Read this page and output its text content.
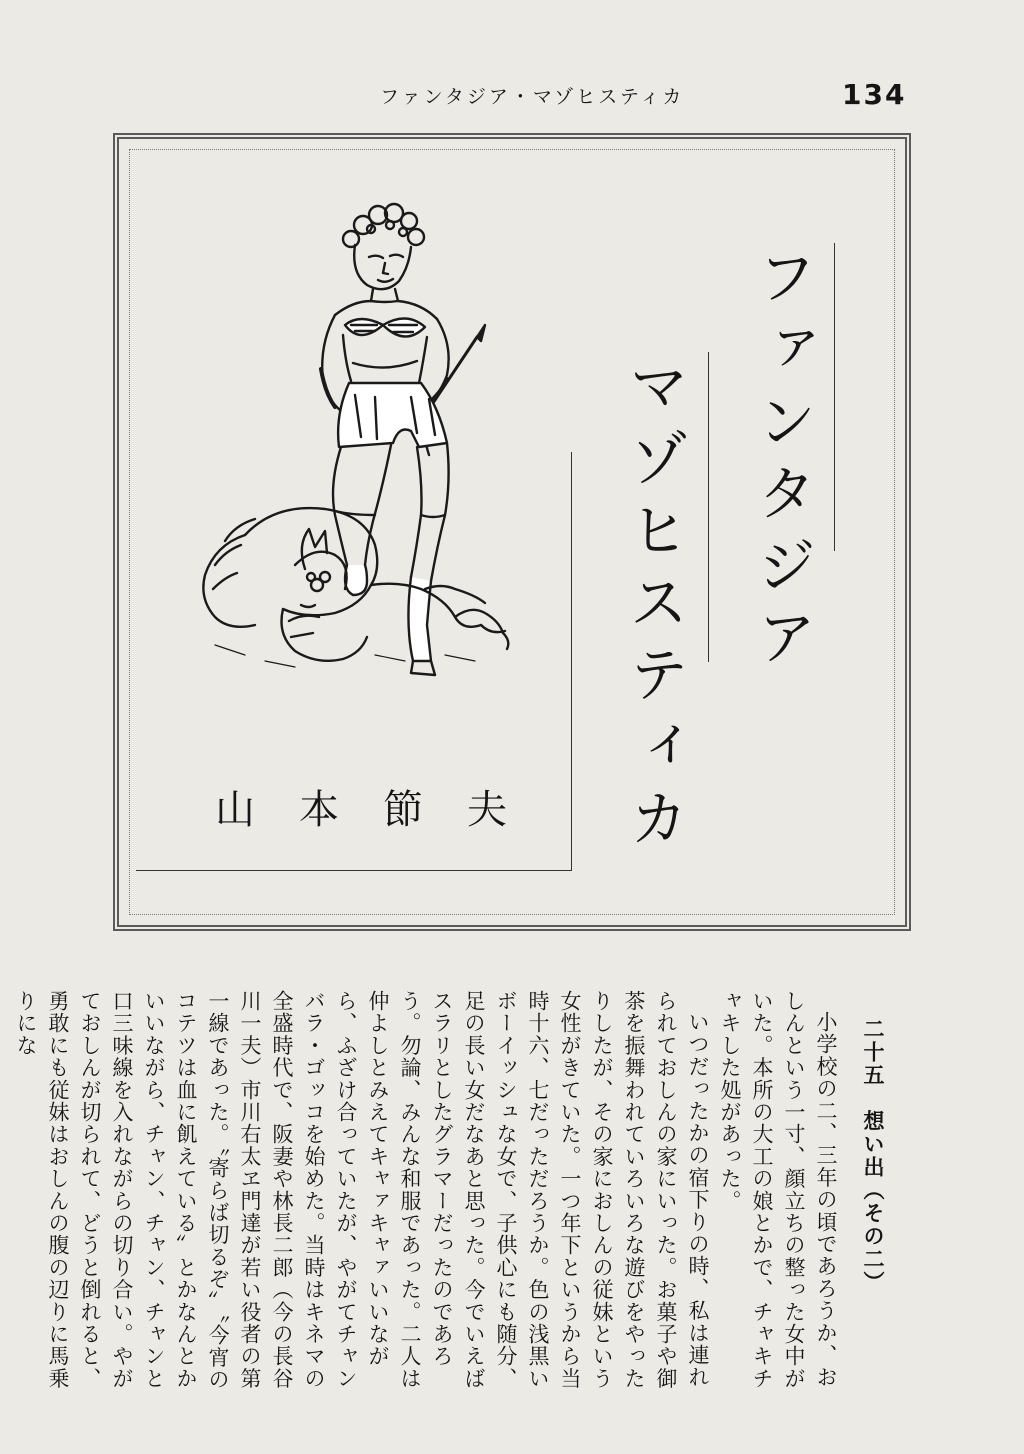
ファンタジア・マゾヒスティカ	134
ファンタジア
マゾヒスティカ
山本節夫
二十五　想い出（その二）

小学校の二、三年の頃であろうか、おしんという一寸、顔立ちの整った女中がいた。本所の大工の娘とかで、チャキチャキした処があった。

いつだったかの宿下りの時、私は連れられておしんの家にいった。お菓子や御茶を振舞われていろいろな遊びをやったりしたが、その家におしんの従妹という女性がきていた。一つ年下というから当時十六、七だっただろうか。色の浅黒いボーイッシュな女で、子供心にも随分、足の長い女だなあと思った。今でいえばスラリとしたグラマーだったのであろう。勿論、みんな和服であった。二人は仲よしとみえてキャァキャァいいながら、ふざけ合っていたが、やがてチャンバラ・ゴッコを始めた。当時はキネマの全盛時代で、阪妻や林長二郎（今の長谷川一夫）市川右太ヱ門達が若い役者の第一線であった。〝寄らば切るぞ〟〝今宵のコテツは血に飢えている〟とかなんとかいいながら、チャン、チャン、チャンと口三味線を入れながらの切り合い。やがておしんが切られて、どうと倒れると、勇敢にも従妹はおしんの腹の辺りに馬乗りにな
